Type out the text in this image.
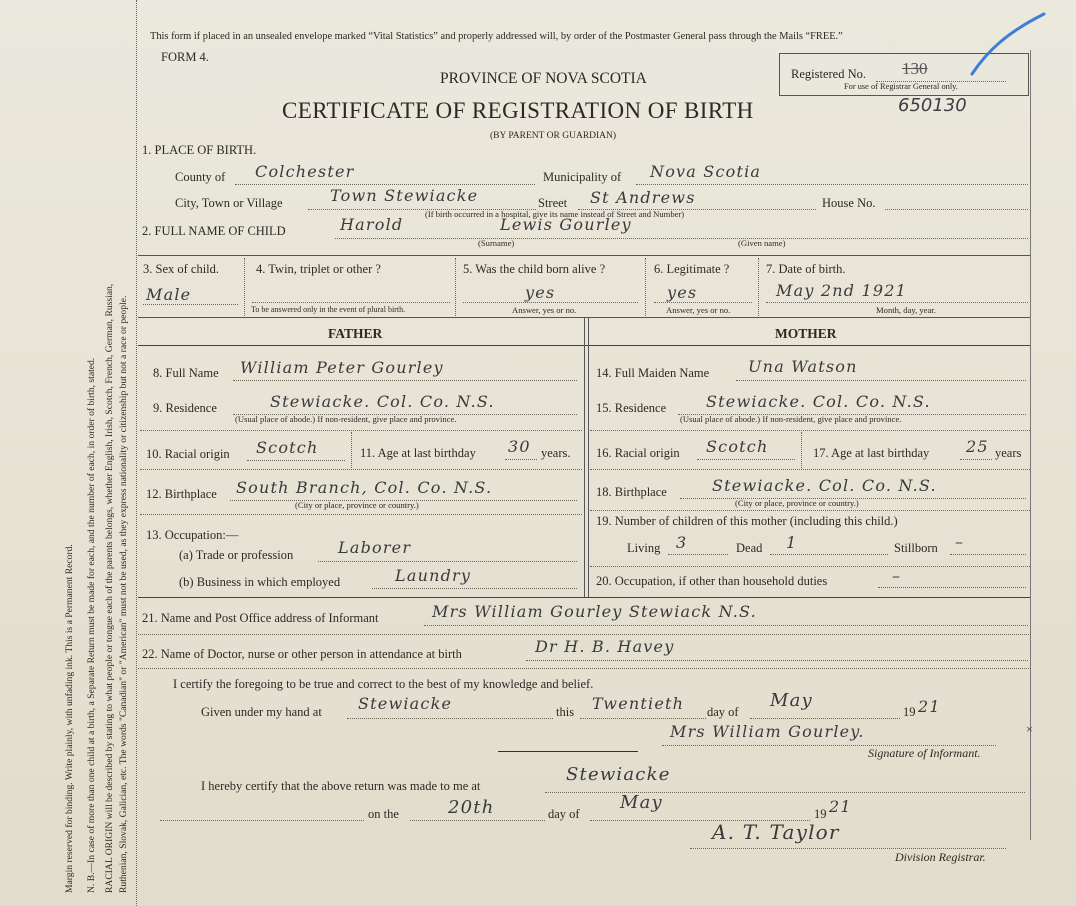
Margin reserved for binding. Write plainly, with unfading ink. This is a Permanent Record. N. B.—In case of more than one child at a birth, a Separate Return must be made for each, and the number of each, in order of birth, stated. RACIAL ORIGIN will be described by stating to what people or tongue each of the parents belongs, whether English, Irish, Scotch, French, German, Russian, Ruthenian, Slovak, Galician, etc. The words "Canadian" or "American" must not be used, as they express nationality or citizenship but not a race or people.
This form if placed in an unsealed envelope marked “Vital Statistics” and properly addressed will, by order of the Postmaster General pass through the Mails “FREE.”
FORM 4.
PROVINCE OF NOVA SCOTIA
CERTIFICATE OF REGISTRATION OF BIRTH
(BY PARENT OR GUARDIAN)
Registered No. 130
For use of Registrar General only.
650130
1. PLACE OF BIRTH.
County of Colchester	Municipality of Nova Scotia
City, Town or Village	Town Stewiacke	Street St Andrews	House No.
(If birth occurred in a hospital, give its name instead of Street and Number)
2. FULL NAME OF CHILD	Harold	Lewis Gourley
(Surname)	(Given name)
3. Sex of child.
Male
4. Twin, triplet or other ?
To be answered only in the event of plural birth.
5. Was the child born alive ?
yes
Answer, yes or no.
6. Legitimate ?
yes
Answer, yes or no.
7. Date of birth.
May 2nd 1921
Month, day, year.
FATHER	MOTHER
8. Full Name William Peter Gourley
9. Residence	Stewiacke. Col. Co. N.S.
(Usual place of abode.) If non-resident, give place and province.
10. Racial origin Scotch	11. Age at last birthday 30 years.
12. Birthplace South Branch, Col. Co. N.S.
(City or place, province or country.)
13. Occupation:—
(a) Trade or profession	Laborer
(b) Business in which employed	Laundry
14. Full Maiden Name Una Watson
15. Residence Stewiacke. Col. Co. N.S.
(Usual place of abode.) If non-resident, give place and province.
16. Racial origin Scotch	17. Age at last birthday 25 years
18. Birthplace	Stewiacke. Col. Co. N.S.
(City or place, province or country.)
19. Number of children of this mother (including this child.)
Living 3	Dead 1	Stillborn –
20. Occupation, if other than household duties	–
21. Name and Post Office address of Informant	Mrs William Gourley Stewiack N.S.
22. Name of Doctor, nurse or other person in attendance at birth	Dr H. B. Havey
I certify the foregoing to be true and correct to the best of my knowledge and belief.
Given under my hand at Stewiacke	this Twentieth day of
May
19 21
Mrs William Gourley.
Signature of Informant.
×
I hereby certify that the above return was made to me at
Stewiacke
on the	20th	day of
May
19 21
A. T. Taylor
Division Registrar.
